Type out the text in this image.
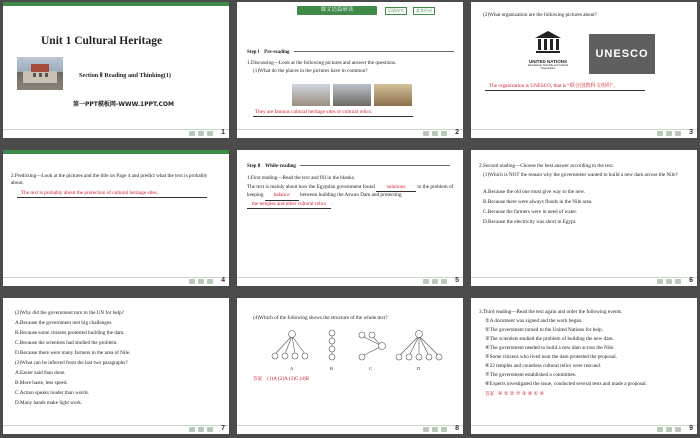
Unit 1 Cultural Heritage
Section Ⅱ Reading and Thinking(1)
第一PPT模板网-WWW.1PPT.COM
1
课文语篇研读	语篇探究	素养形成
Step Ⅰ Pre-reading
1.Discussing—Look at the following pictures and answer the questions.
(1)What do the places in the pictures have in common?
They are famous cultural heritage sites or cultural relics.
2
(2)What organization are the following pictures about?
UNITED NATIONS
Educational, Scientific and Cultural Organization
UNESCO
The organization is UNESCO, that is “联合国教科文组织”。
3
2.Predicting—Look at the pictures and the title on Page 4 and predict what the text is probably about.
The text is probably about the protection of cultural heritage sites.
4
Step Ⅱ While-reading
1.First reading—Read the text and fill in the blanks.
The text is mainly about how the Egyptian government found solutions to the problem of keeping balance between building the Aswan Dam and protecting the temples and other cultural relics .
5
2.Second reading—Choose the best answer according to the text.
(1)Which is NOT the reason why the government wanted to build a new dam across the Nile?
A.Because the old one must give way to the new.
B.Because there were always floods in the Nile area.
C.Because the farmers were in need of water.
D.Because the electricity was short in Egypt.
6
(2)Why did the government turn to the UN for help?
A.Because the government met big challenges.
B.Because some citizens protested building the dam.
C.Because the scientists had studied the problem.
D.Because there were many farmers in the area of Nile.
(3)What can be inferred from the last two paragraphs?
A.Easier said than done.
B.More haste, less speed.
C.Action speaks louder than words.
D.Many hands make light work.
7
(4)Which of the following shows the structure of the whole text?
A	B	C	D
答案 (1)A (2)A (3)C (4)B
8
3.Third reading—Read the text again and order the following events.
①A document was signed and the work began.
②The government turned to the United Nations for help.
③The scientists studied the problem of building the new dam.
④The government needed to build a new dam across the Nile.
⑤Some citizens who lived near the dam protested the proposal.
⑥22 temples and countless cultural relics were rescued.
⑦The government established a committee.
⑧Experts investigated the issue, conducted several tests and made a proposal.
答案 ④ ⑤ ② ⑦ ③ ⑧ ① ⑥
9
